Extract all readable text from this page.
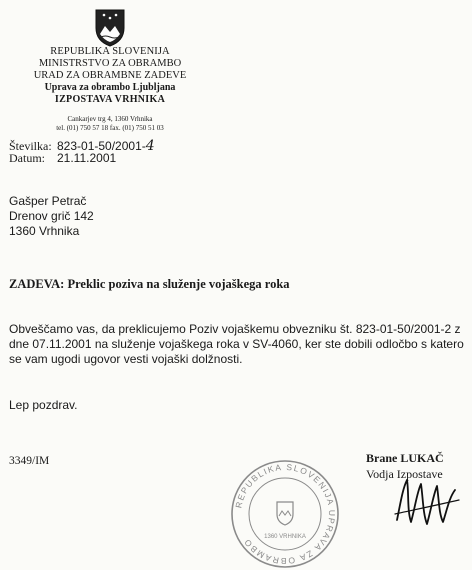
REPUBLIKA SLOVENIJA
MINISTRSTVO ZA OBRAMBO
URAD ZA OBRAMBNE ZADEVE
Uprava za obrambo Ljubljana
IZPOSTAVA VRHNIKA
Cankarjev trg 4, 1360 Vrhnika
tel. (01) 750 57 18 fax. (01) 750 51 03
Številka: 823-01-50/2001-4
Datum: 21.11.2001
Gašper Petrač
Drenov grič 142
1360 Vrhnika
ZADEVA: Preklic poziva na služenje vojaškega roka
Obveščamo vas, da preklicujemo Poziv vojaškemu obvezniku št. 823-01-50/2001-2 z dne 07.11.2001 na služenje vojaškega roka v SV-4060, ker ste dobili odločbo s katero se vam ugodi ugovor vesti vojaški dolžnosti.
Lep pozdrav.
3349/IM
REPUBLIKA SLOVENIJA UPRAVA ZA OBRAMBO	1360 VRHNIKA
Brane LUKAČ
Vodja Izpostave
